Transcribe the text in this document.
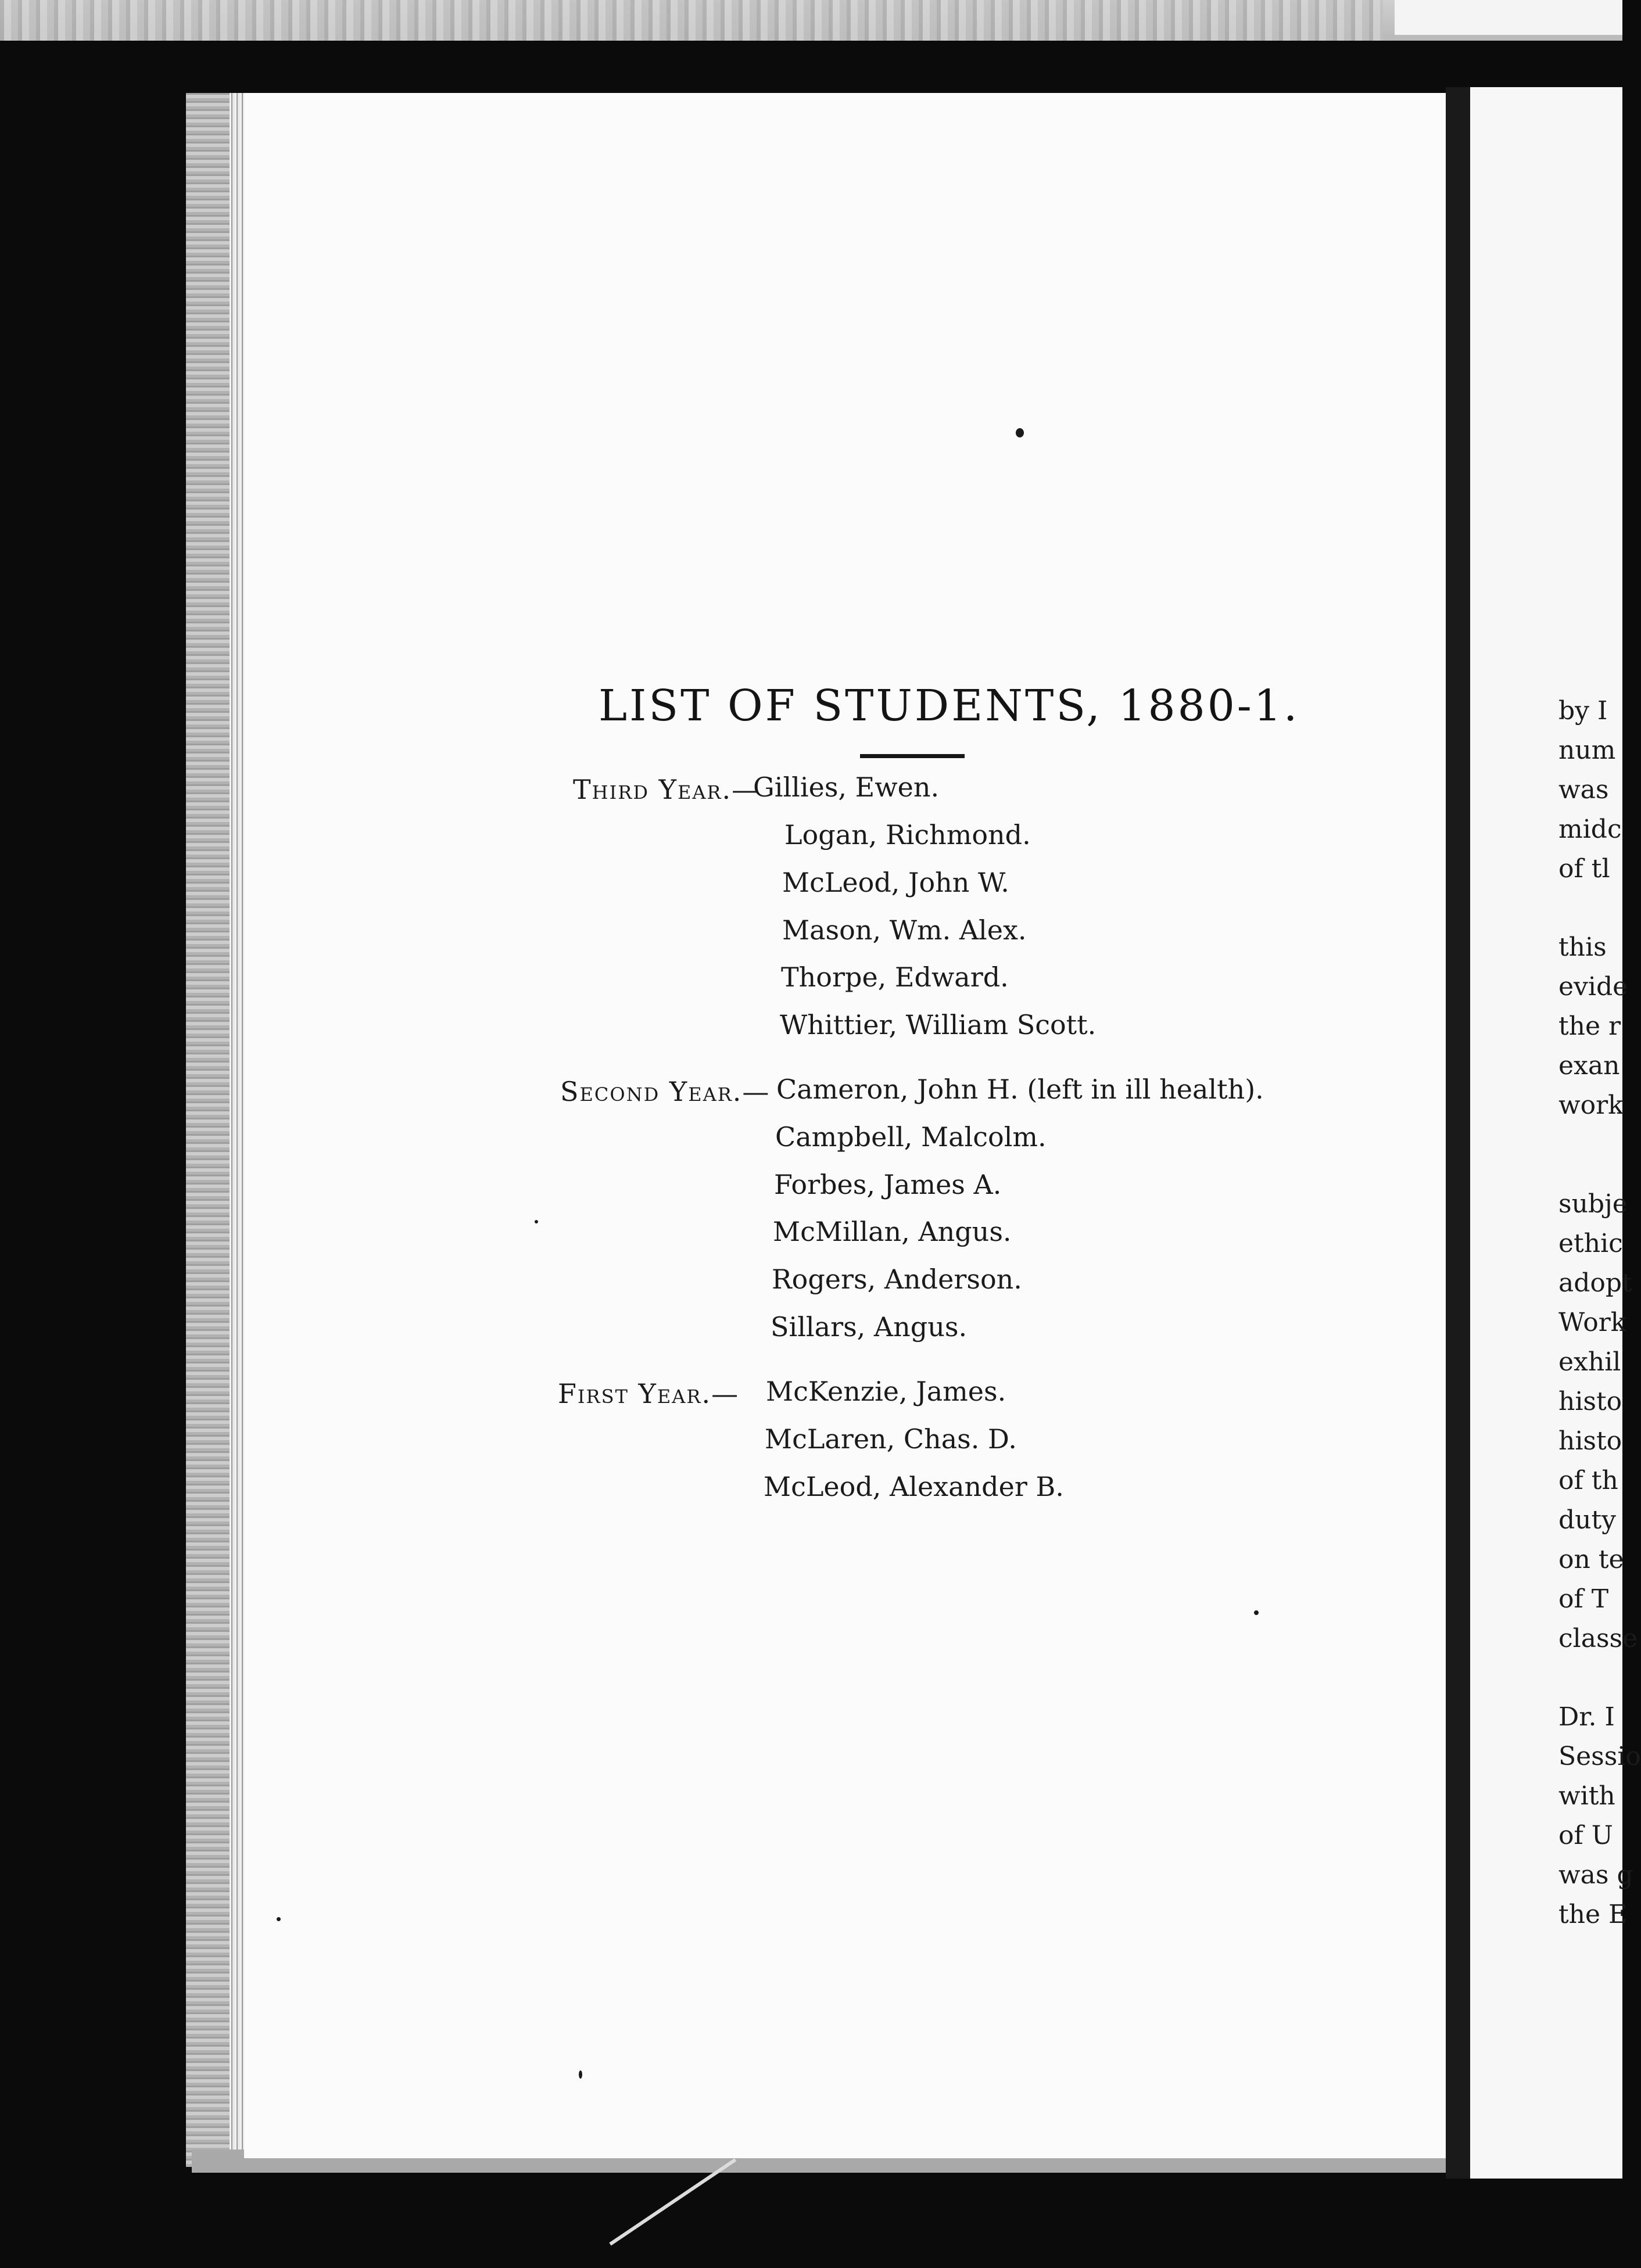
LIST OF STUDENTS, 1880-1.
Third Year.—
Gillies, Ewen.
Logan, Richmond.
McLeod, John W.
Mason, Wm. Alex.
Thorpe, Edward.
Whittier, William Scott.
Second Year.— Cameron, John H. (left in ill health).
Campbell, Malcolm.
Forbes, James A.
McMillan, Angus.
Rogers, Anderson.
Sillars, Angus.
First Year.— McKenzie, James.
McLaren, Chas. D.
McLeod, Alexander B.
by I
num
was
midc
of tl
this
evide
the r
exan
work
subje
ethic
adopt
Work
exhil
histo
histo
of th
duty
on te
of T
classe
Dr. I
Sessio
with
of U
was g
the E
